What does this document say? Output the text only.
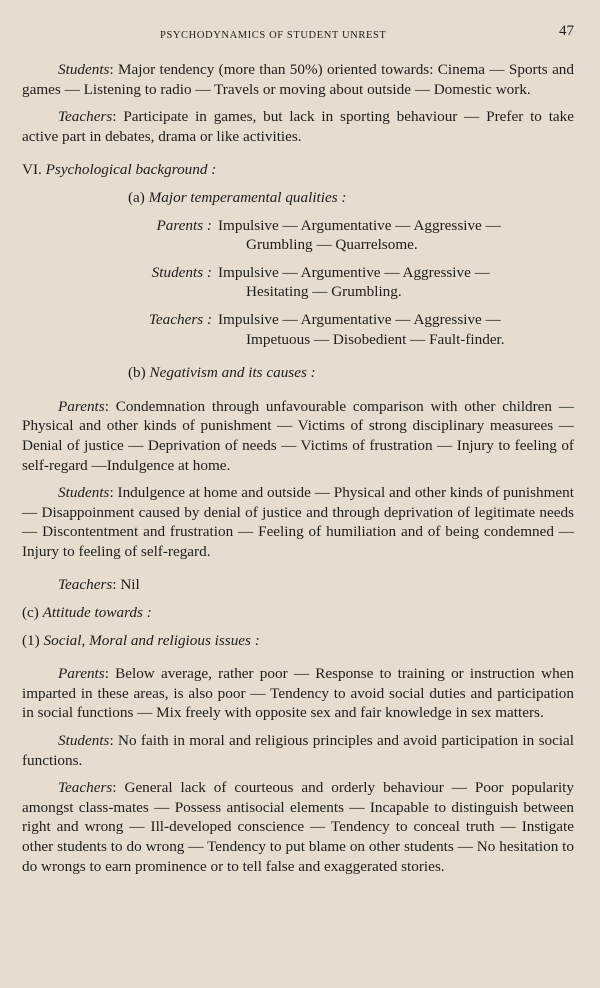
PSYCHODYNAMICS OF STUDENT UNREST	47

Students: Major tendency (more than 50%) oriented towards: Cinema — Sports and games — Listening to radio — Travels or moving about outside — Domestic work.

Teachers: Participate in games, but lack in sporting behaviour — Prefer to take active part in debates, drama or like activities.

VI. Psychological background :

(a) Major temperamental qualities :

Parents : Impulsive — Argumentative — Aggressive —
Grumbling — Quarrelsome.
Students : Impulsive — Argumentive — Aggressive —
Hesitating — Grumbling.
Teachers : Impulsive — Argumentative — Aggressive —
Impetuous — Disobedient — Fault-finder.

(b) Negativism and its causes :

Parents: Condemnation through unfavourable comparison with other children — Physical and other kinds of punishment — Victims of strong disciplinary measurees — Denial of justice — Deprivation of needs — Victims of frustration — Injury to feeling of self-regard —Indulgence at home.

Students: Indulgence at home and outside — Physical and other kinds of punishment — Disappoinment caused by denial of justice and through deprivation of legitimate needs — Discontentment and frustration — Feeling of humiliation and of being condemned — Injury to feeling of self-regard.

Teachers: Nil

(c) Attitude towards :

(1) Social, Moral and religious issues :

Parents: Below average, rather poor — Response to training or instruction when imparted in these areas, is also poor — Tendency to avoid social duties and participation in social functions — Mix freely with opposite sex and fair knowledge in sex matters.

Students: No faith in moral and religious principles and avoid participation in social functions.

Teachers: General lack of courteous and orderly behaviour — Poor popularity amongst class-mates — Possess antisocial elements — Incapable to distinguish between right and wrong — Ill-developed conscience — Tendency to conceal truth — Instigate other students to do wrong — Tendency to put blame on other students — No hesitation to do wrongs to earn prominence or to tell false and exaggerated stories.
